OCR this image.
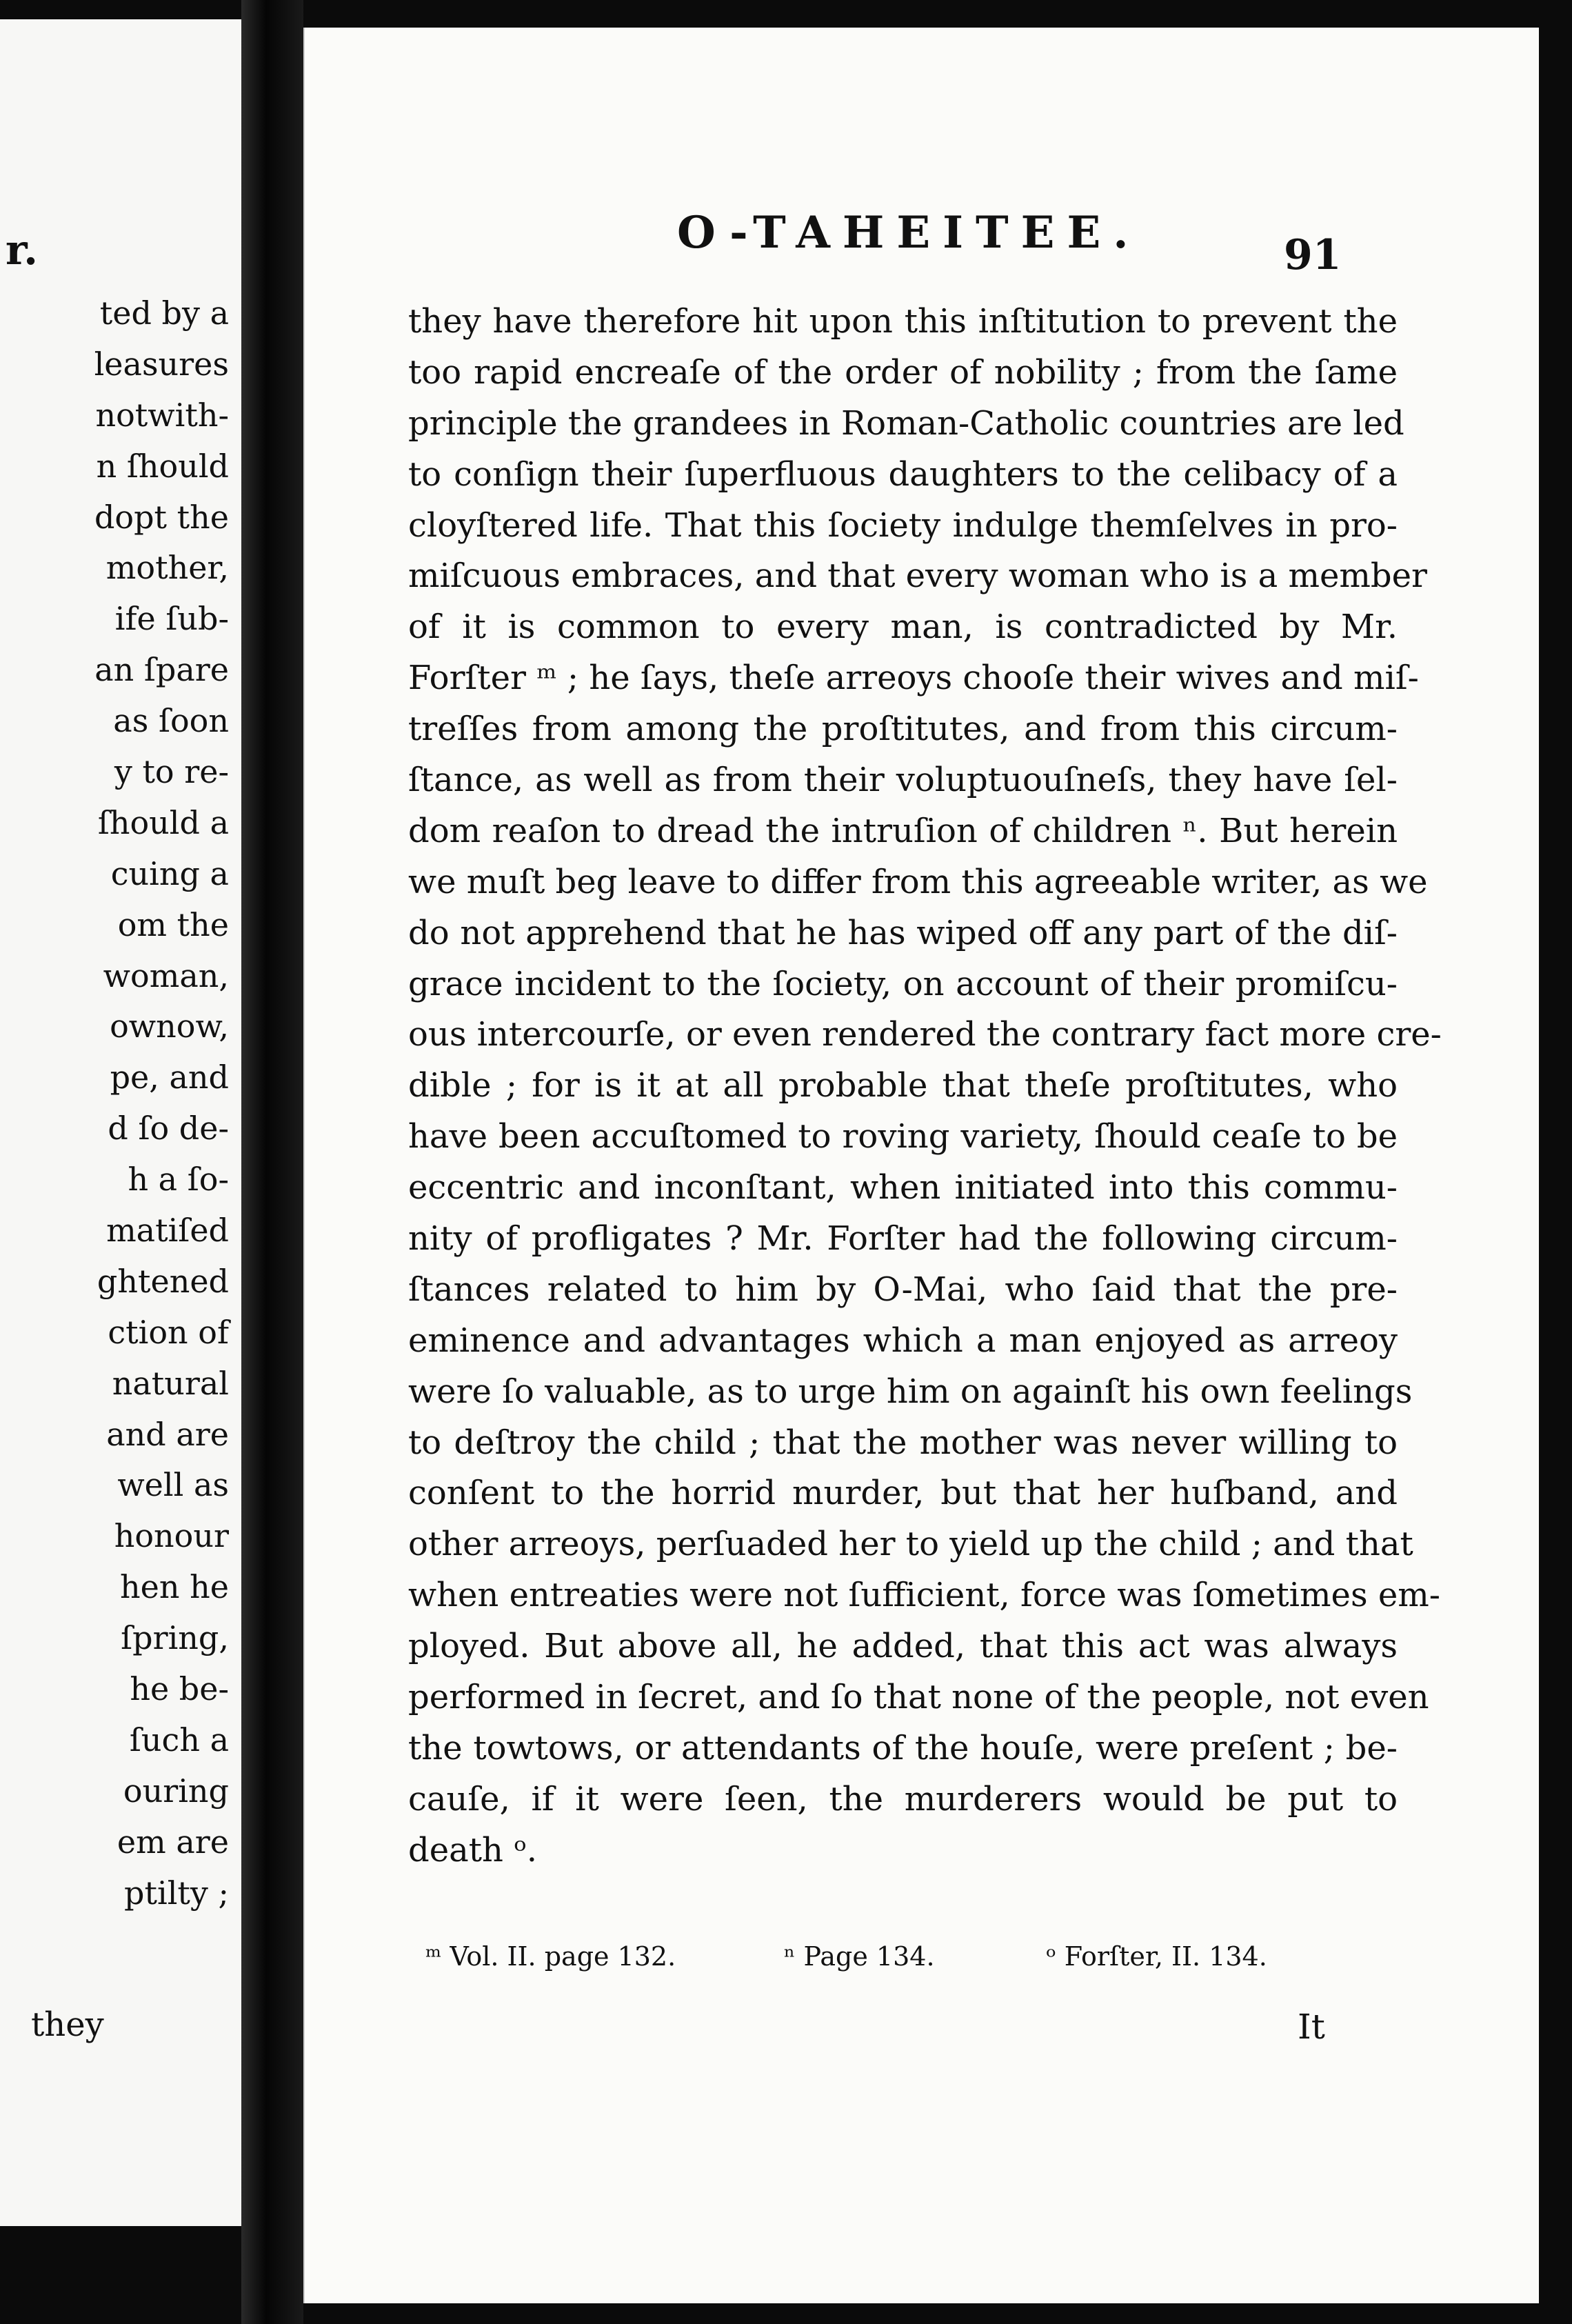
r.
ted by a
leasures
notwith-
n ſhould
dopt the
mother,
ife ſub-
an ſpare
as ſoon
y to re-
ſhould a
cuing a
om the
woman,
ownow,
pe, and
d ſo de-
h a ſo-
matiſed
ghtened
ction of
natural
and are
well as
honour
hen he
ſpring,
he be-
ſuch a
ouring
em are
ptilty ;
they
O-TAHEITEE.	91
they have therefore hit upon this inſtitution to prevent the
too rapid encreaſe of the order of nobility ; from the ſame
principle the grandees in Roman-Catholic countries are led
to conſign their ſuperfluous daughters to the celibacy of a
cloyſtered life. That this ſociety indulge themſelves in pro-
miſcuous embraces, and that every woman who is a member
of it is common to every man, is contradicted by Mr.
Forſter ᵐ ; he ſays, theſe arreoys chooſe their wives and miſ-
treſſes from among the proſtitutes, and from this circum-
ſtance, as well as from their voluptuouſneſs, they have ſel-
dom reaſon to dread the intruſion of children ⁿ. But herein
we muſt beg leave to differ from this agreeable writer, as we
do not apprehend that he has wiped off any part of the diſ-
grace incident to the ſociety, on account of their promiſcu-
ous intercourſe, or even rendered the contrary fact more cre-
dible ; for is it at all probable that theſe proſtitutes, who
have been accuſtomed to roving variety, ſhould ceaſe to be
eccentric and inconſtant, when initiated into this commu-
nity of profligates ? Mr. Forſter had the following circum-
ſtances related to him by O-Mai, who ſaid that the pre-
eminence and advantages which a man enjoyed as arreoy
were ſo valuable, as to urge him on againſt his own feelings
to deſtroy the child ; that the mother was never willing to
conſent to the horrid murder, but that her huſband, and
other arreoys, perſuaded her to yield up the child ; and that
when entreaties were not ſufficient, force was ſometimes em-
ployed. But above all, he added, that this act was always
performed in ſecret, and ſo that none of the people, not even
the towtows, or attendants of the houſe, were preſent ; be-
cauſe, if it were ſeen, the murderers would be put to
death ᵒ.
ᵐ Vol. II. page 132.	ⁿ Page 134.	ᵒ Forſter, II. 134.
It
